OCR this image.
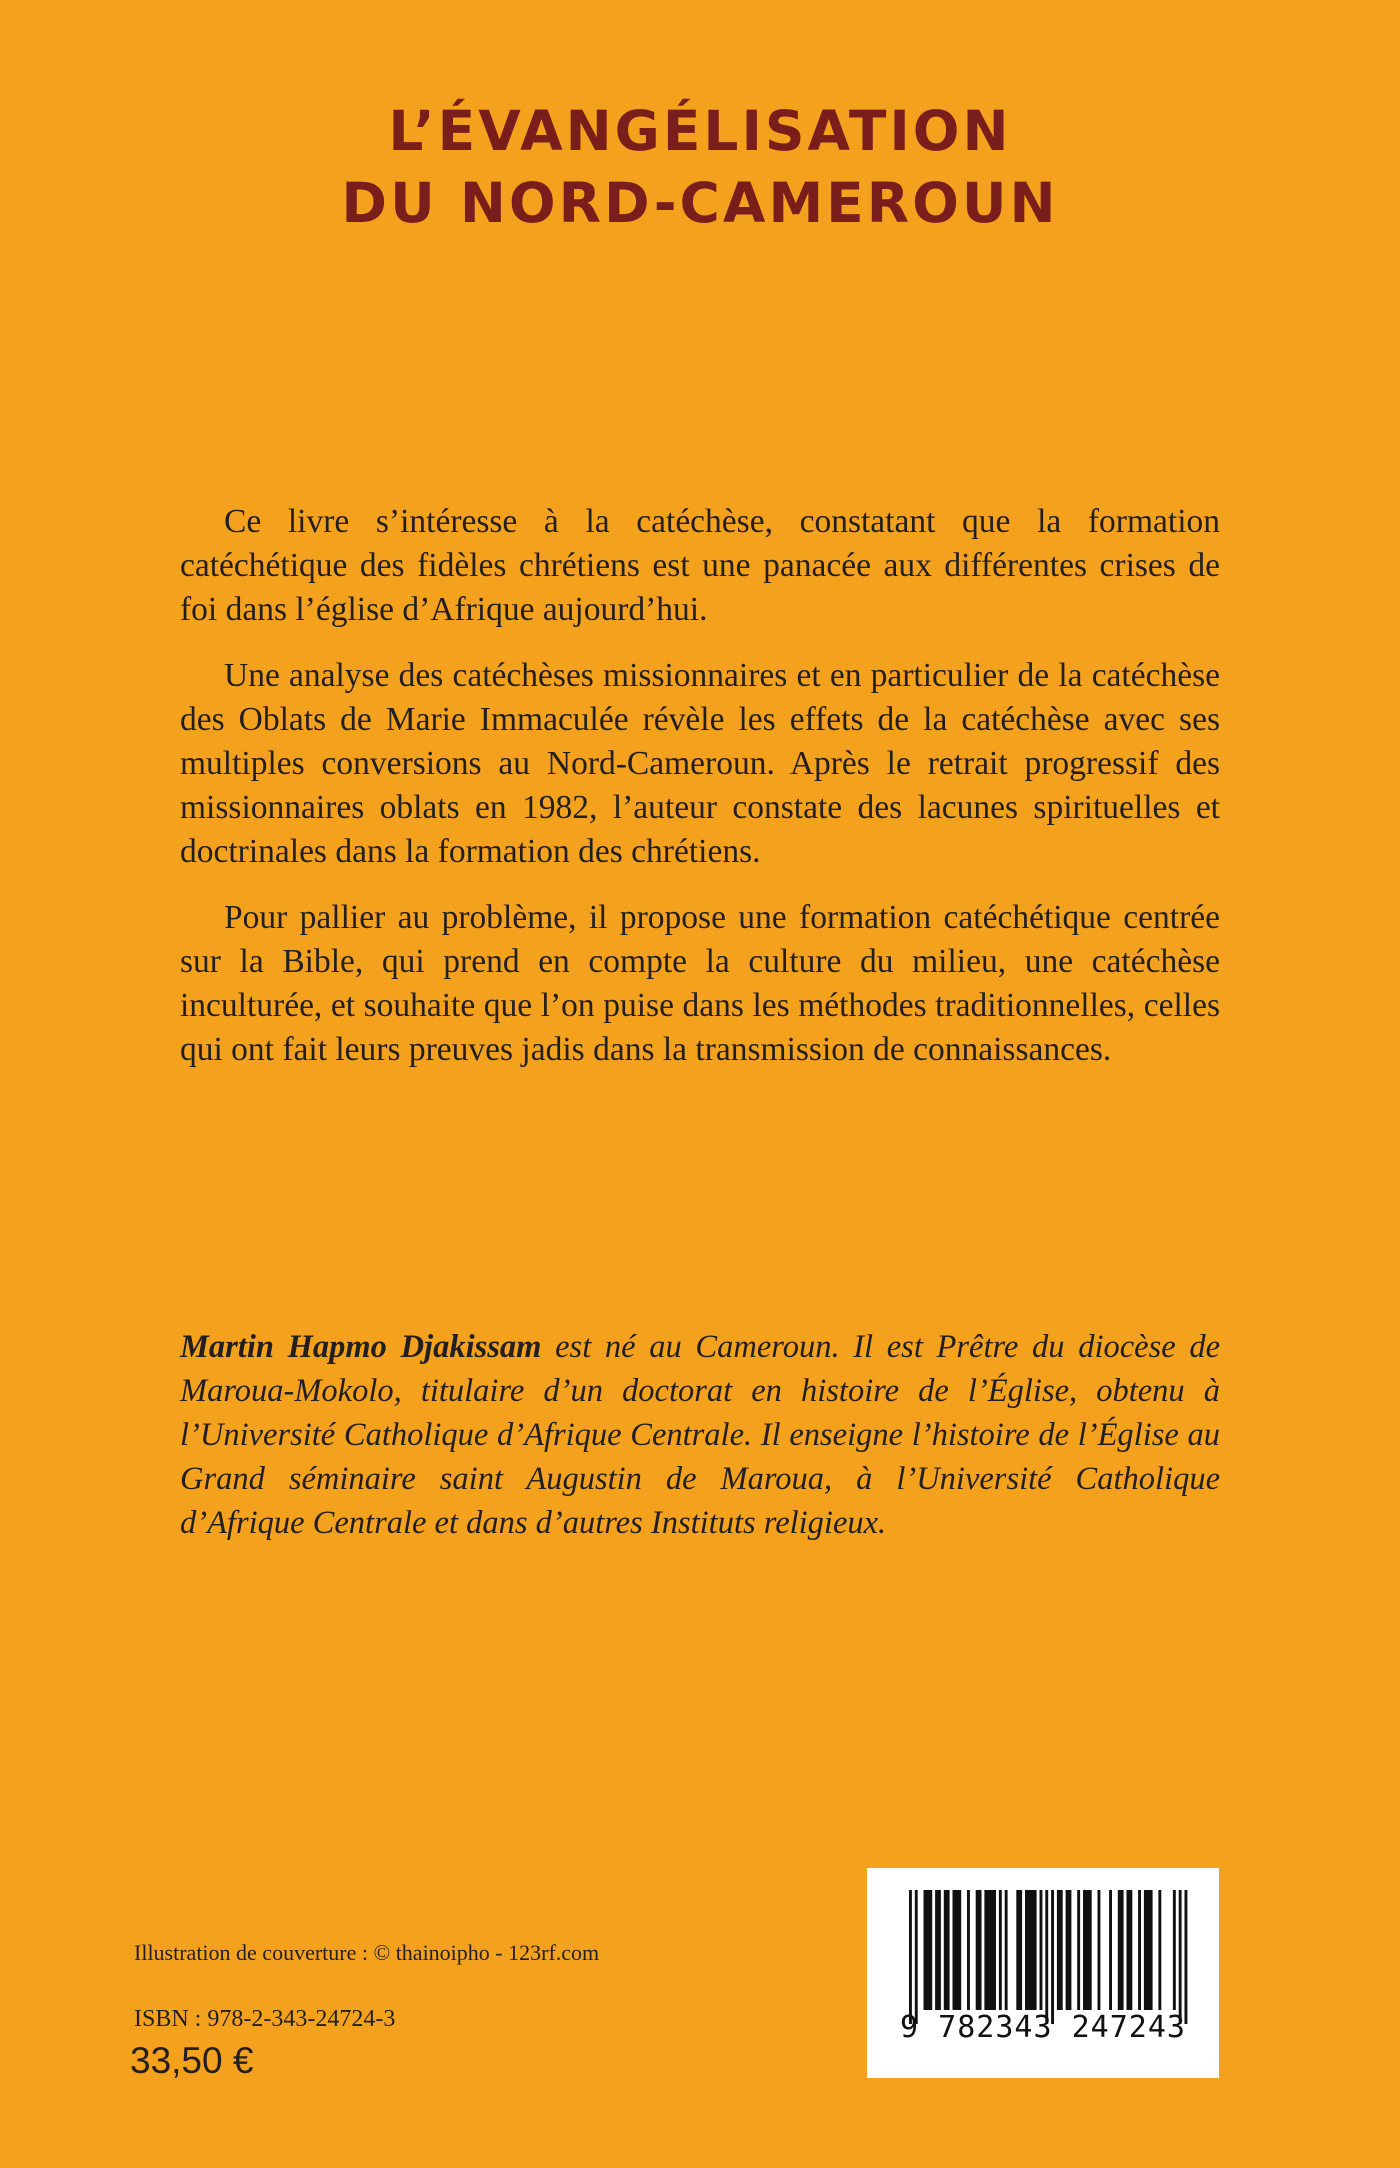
L’ÉVANGÉLISATION
DU NORD-CAMEROUN

Ce livre s’intéresse à la catéchèse, constatant que la formation catéchétique des fidèles chrétiens est une panacée aux différentes crises de foi dans l’église d’Afrique aujourd’hui.

Une analyse des catéchèses missionnaires et en particulier de la catéchèse des Oblats de Marie Immaculée révèle les effets de la catéchèse avec ses multiples conversions au Nord-Cameroun. Après le retrait progressif des missionnaires oblats en 1982, l’auteur constate des lacunes spirituelles et doctrinales dans la formation des chrétiens.

Pour pallier au problème, il propose une formation catéchétique centrée sur la Bible, qui prend en compte la culture du milieu, une catéchèse inculturée, et souhaite que l’on puise dans les méthodes traditionnelles, celles qui ont fait leurs preuves jadis dans la transmission de connaissances.

Martin Hapmo Djakissam est né au Cameroun. Il est Prêtre du diocèse de Maroua-Mokolo, titulaire d’un doctorat en histoire de l’Église, obtenu à l’Université Catholique d’Afrique Centrale. Il enseigne l’histoire de l’Église au Grand séminaire saint Augustin de Maroua, à l’Université Catholique d’Afrique Centrale et dans d’autres Instituts religieux.
Illustration de couverture : © thainoipho - 123rf.com
ISBN : 978-2-343-24724-3
33,50 €
9 782343 247243
